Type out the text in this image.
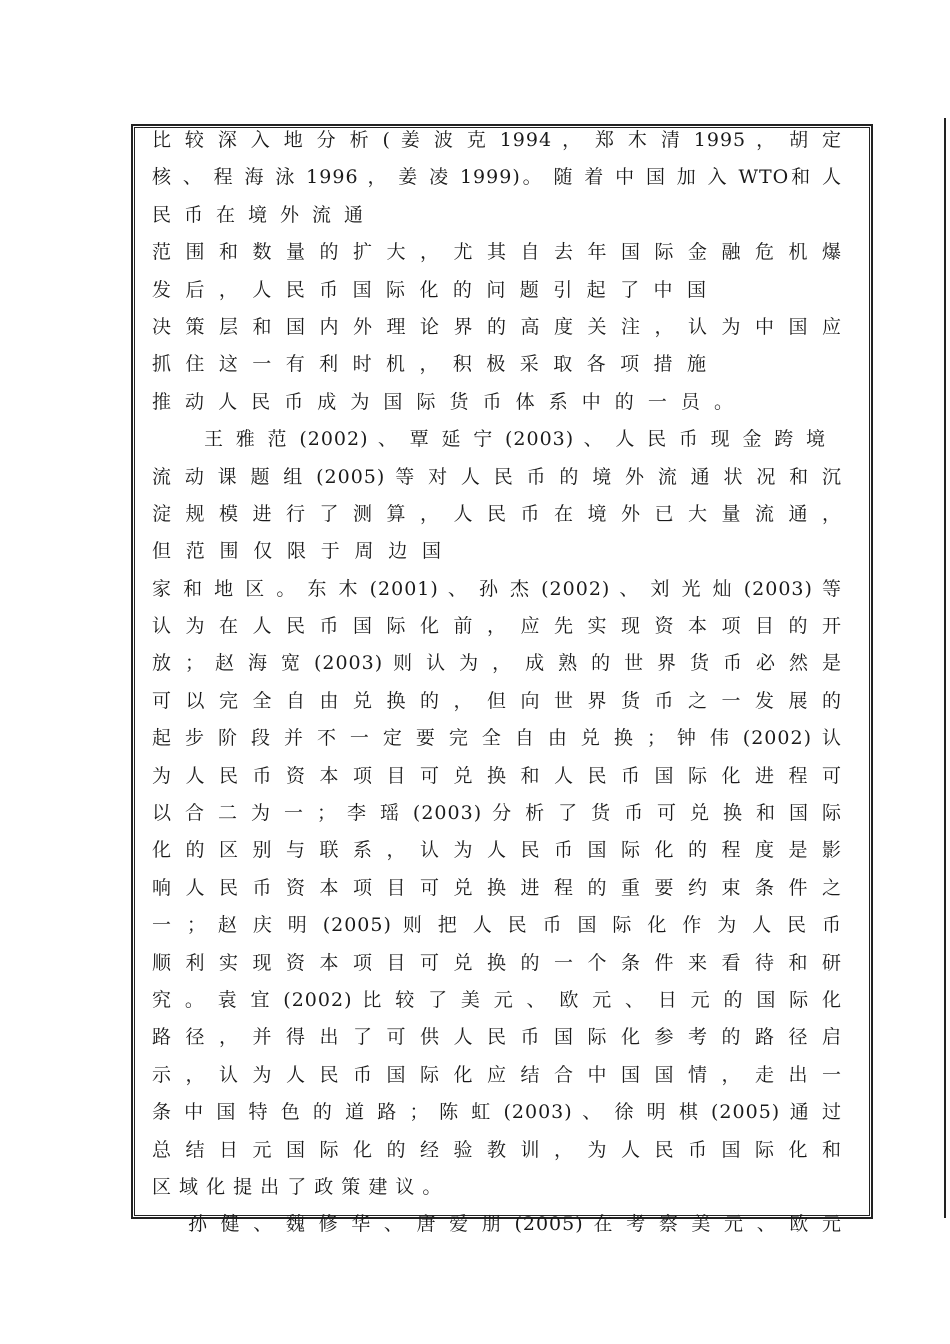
比 较 深 入 地 分 析 ( 姜 波 克 1994 ， 郑 木 清 1995 ， 胡 定
核 、 程 海 泳 1996 ， 姜 凌 1999)。 随 着 中 国 加 入 WTO和 人
民 币 在 境 外 流 通
范 围 和 数 量 的 扩 大 ， 尤 其 自 去 年 国 际 金 融 危 机 爆
发 后 ， 人 民 币 国 际 化 的 问 题 引 起 了 中 国
决 策 层 和 国 内 外 理 论 界 的 高 度 关 注 ， 认 为 中 国 应
抓 住 这 一 有 利 时 机 ， 积 极 采 取 各 项 措 施
推 动 人 民 币 成 为 国 际 货 币 体 系 中 的 一 员 。
王 雅 范 (2002) 、 覃 延 宁 (2003) 、 人 民 币 现 金 跨 境
流 动 课 题 组 (2005) 等 对 人 民 币 的 境 外 流 通 状 况 和 沉
淀 规 模 进 行 了 测 算 ， 人 民 币 在 境 外 已 大 量 流 通 ，
但 范 围 仅 限 于 周 边 国
家 和 地 区 。 东 木 (2001) 、 孙 杰 (2002) 、 刘 光 灿 (2003) 等
认 为 在 人 民 币 国 际 化 前 ， 应 先 实 现 资 本 项 目 的 开
放 ； 赵 海 宽 (2003) 则 认 为 ， 成 熟 的 世 界 货 币 必 然 是
可 以 完 全 自 由 兑 换 的 ， 但 向 世 界 货 币 之 一 发 展 的
起 步 阶 段 并 不 一 定 要 完 全 自 由 兑 换 ； 钟 伟 (2002) 认
为 人 民 币 资 本 项 目 可 兑 换 和 人 民 币 国 际 化 进 程 可
以 合 二 为 一 ； 李 瑶 (2003) 分 析 了 货 币 可 兑 换 和 国 际
化 的 区 别 与 联 系 ， 认 为 人 民 币 国 际 化 的 程 度 是 影
响 人 民 币 资 本 项 目 可 兑 换 进 程 的 重 要 约 束 条 件 之
一 ； 赵 庆 明 (2005) 则 把 人 民 币 国 际 化 作 为 人 民 币
顺 利 实 现 资 本 项 目 可 兑 换 的 一 个 条 件 来 看 待 和 研
究 。 袁 宜 (2002) 比 较 了 美 元 、 欧 元 、 日 元 的 国 际 化
路 径 ， 并 得 出 了 可 供 人 民 币 国 际 化 参 考 的 路 径 启
示 ， 认 为 人 民 币 国 际 化 应 结 合 中 国 国 情 ， 走 出 一
条 中 国 特 色 的 道 路 ； 陈 虹 (2003) 、 徐 明 棋 (2005) 通 过
总 结 日 元 国 际 化 的 经 验 教 训 ， 为 人 民 币 国 际 化 和
区 域 化 提 出 了 政 策 建 议 。
孙 健 、 魏 修 华 、 唐 爱 朋 (2005) 在 考 察 美 元 、 欧 元
